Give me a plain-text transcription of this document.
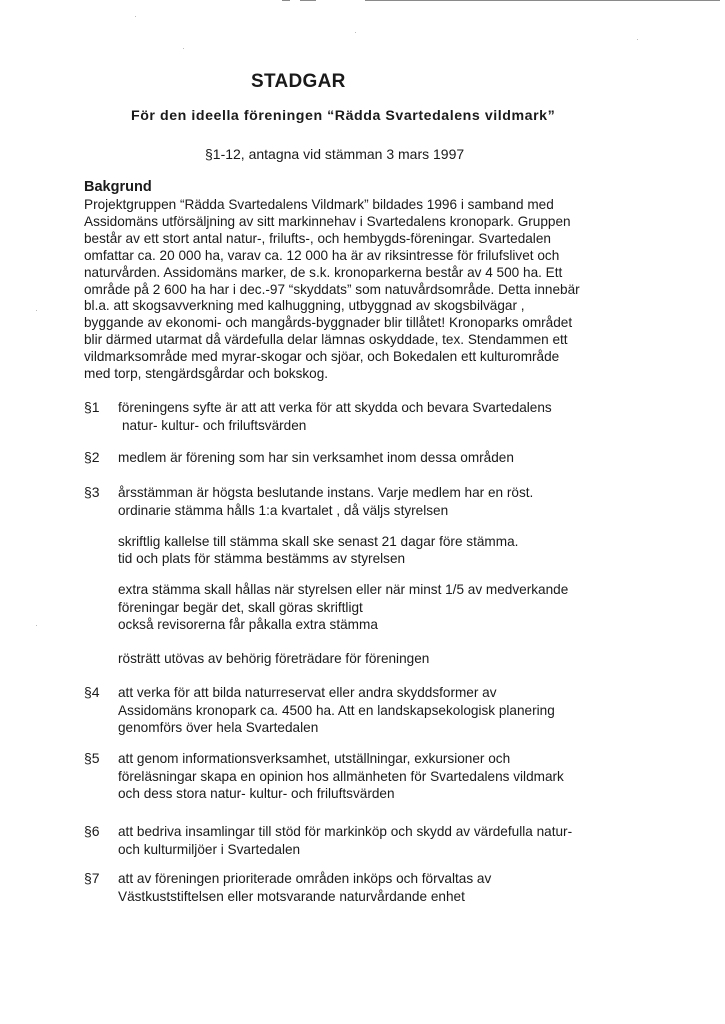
STADGAR
För den ideella föreningen “Rädda Svartedalens vildmark”
§1-12, antagna vid stämman 3 mars 1997
Bakgrund
Projektgruppen “Rädda Svartedalens Vildmark” bildades 1996 i samband med
Assidomäns utförsäljning av sitt markinnehav i Svartedalens kronopark. Gruppen
består av ett stort antal natur-, frilufts-, och hembygds-föreningar. Svartedalen
omfattar ca. 20 000 ha, varav ca. 12 000 ha är av riksintresse för frilufslivet och
naturvården. Assidomäns marker, de s.k. kronoparkerna består av 4 500 ha. Ett
område på 2 600 ha har i dec.-97 “skyddats” som natuvårdsområde. Detta innebär
bl.a. att skogsavverkning med kalhuggning, utbyggnad av skogsbilvägar ,
byggande av ekonomi- och mangårds-byggnader blir tillåtet! Kronoparks området
blir därmed utarmat då värdefulla delar lämnas oskyddade, tex. Stendammen ett
vildmarksområde med myrar-skogar och sjöar, och Bokedalen ett kulturområde
med torp, stengärdsgårdar och bokskog.
§1 föreningens syfte är att att verka för att skydda och bevara Svartedalens
natur- kultur- och friluftsvärden
§2 medlem är förening som har sin verksamhet inom dessa områden
§3 årsstämman är högsta beslutande instans. Varje medlem har en röst.
ordinarie stämma hålls 1:a kvartalet , då väljs styrelsen
skriftlig kallelse till stämma skall ske senast 21 dagar före stämma.
tid och plats för stämma bestämms av styrelsen
extra stämma skall hållas när styrelsen eller när minst 1/5 av medverkande
föreningar begär det, skall göras skriftligt
också revisorerna får påkalla extra stämma
rösträtt utövas av behörig företrädare för föreningen
§4 att verka för att bilda naturreservat eller andra skyddsformer av
Assidomäns kronopark ca. 4500 ha. Att en landskapsekologisk planering
genomförs över hela Svartedalen
§5 att genom informationsverksamhet, utställningar, exkursioner och
föreläsningar skapa en opinion hos allmänheten för Svartedalens vildmark
och dess stora natur- kultur- och friluftsvärden
§6 att bedriva insamlingar till stöd för markinköp och skydd av värdefulla natur-
och kulturmiljöer i Svartedalen
§7 att av föreningen prioriterade områden inköps och förvaltas av
Västkuststiftelsen eller motsvarande naturvårdande enhet
